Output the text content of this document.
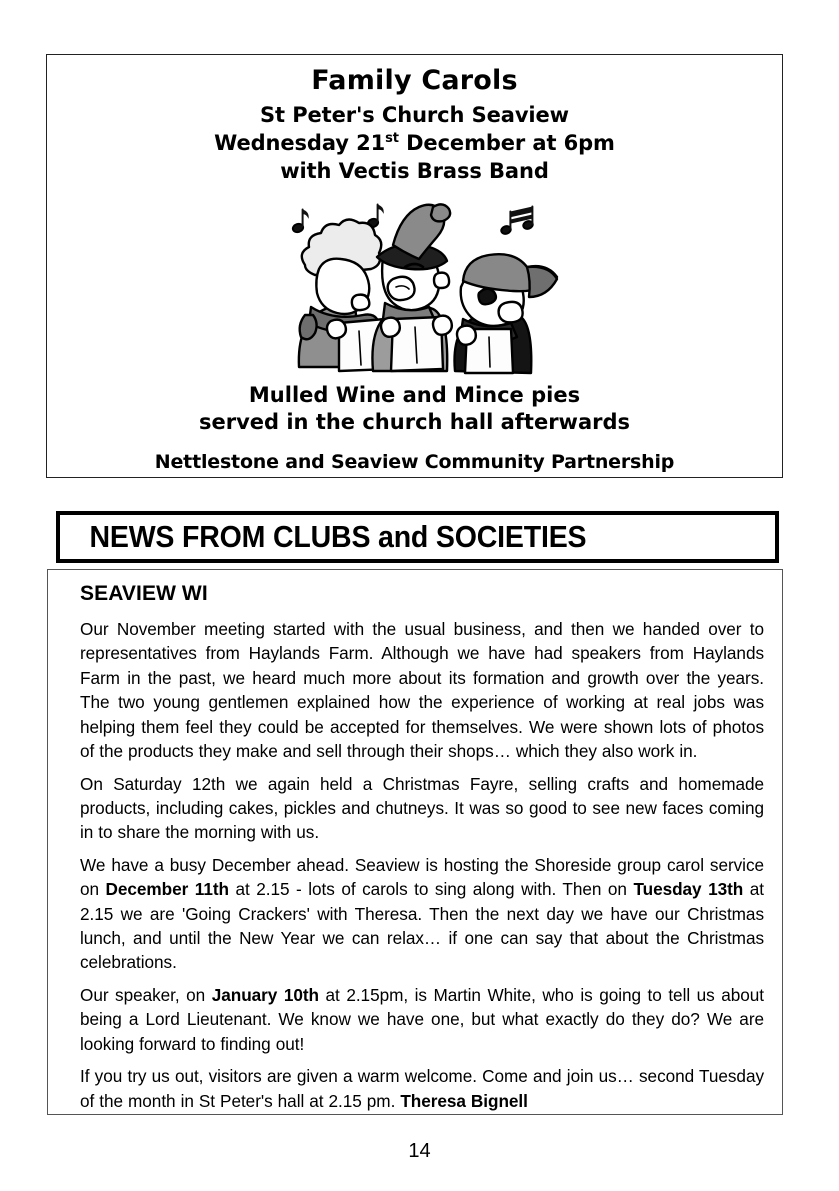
Family Carols
St Peter's Church Seaview
Wednesday 21st December at 6pm
with Vectis Brass Band
Mulled Wine and Mince pies
served in the church hall afterwards
Nettlestone and Seaview Community Partnership
NEWS FROM CLUBS and SOCIETIES
SEAVIEW WI

Our November meeting started with the usual business, and then we handed over to representatives from Haylands Farm. Although we have had speakers from Haylands Farm in the past, we heard much more about its formation and growth over the years. The two young gentlemen explained how the experience of working at real jobs was helping them feel they could be accepted for themselves. We were shown lots of photos of the products they make and sell through their shops… which they also work in.

On Saturday 12th we again held a Christmas Fayre, selling crafts and homemade products, including cakes, pickles and chutneys. It was so good to see new faces coming in to share the morning with us.

We have a busy December ahead. Seaview is hosting the Shoreside group carol service on December 11th at 2.15 - lots of carols to sing along with. Then on Tuesday 13th at 2.15 we are 'Going Crackers' with Theresa. Then the next day we have our Christmas lunch, and until the New Year we can relax… if one can say that about the Christmas celebrations.

Our speaker, on January 10th at 2.15pm, is Martin White, who is going to tell us about being a Lord Lieutenant. We know we have one, but what exactly do they do? We are looking forward to finding out!

If you try us out, visitors are given a warm welcome. Come and join us… second Tuesday of the month in St Peter's hall at 2.15 pm. Theresa Bignell

14
